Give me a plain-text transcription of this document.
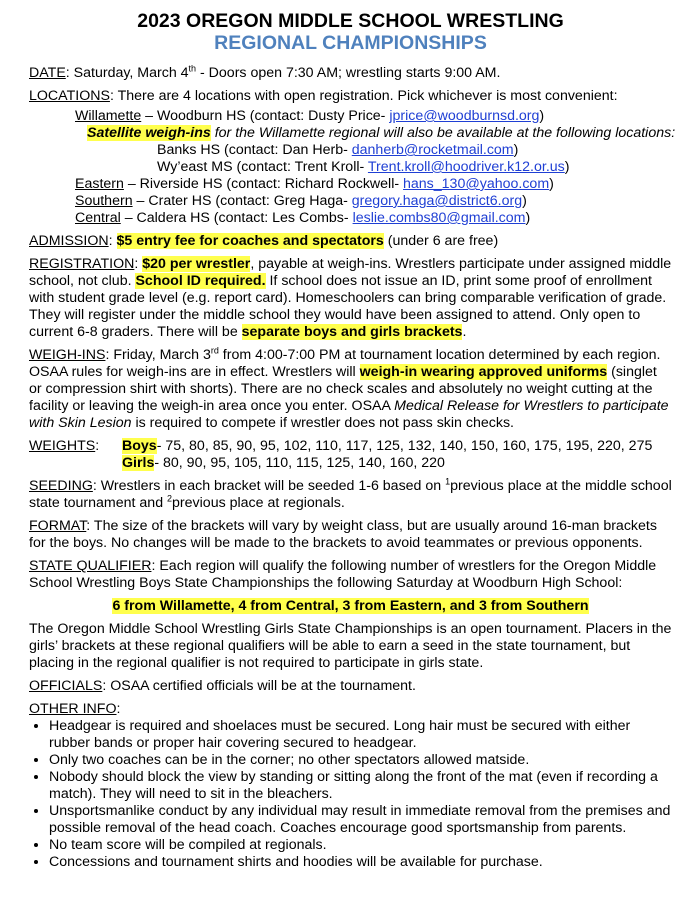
2023 OREGON MIDDLE SCHOOL WRESTLING
REGIONAL CHAMPIONSHIPS

DATE: Saturday, March 4th - Doors open 7:30 AM; wrestling starts 9:00 AM.

LOCATIONS: There are 4 locations with open registration. Pick whichever is most convenient:

Willamette – Woodburn HS (contact: Dusty Price- jprice@woodburnsd.org)
Satellite weigh-ins for the Willamette regional will also be available at the following locations:
Banks HS (contact: Dan Herb- danherb@rocketmail.com)
Wy’east MS (contact: Trent Kroll- Trent.kroll@hoodriver.k12.or.us)
Eastern – Riverside HS (contact: Richard Rockwell- hans_130@yahoo.com)
Southern – Crater HS (contact: Greg Haga- gregory.haga@district6.org)
Central – Caldera HS (contact: Les Combs- leslie.combs80@gmail.com)

ADMISSION: $5 entry fee for coaches and spectators (under 6 are free)

REGISTRATION: $20 per wrestler, payable at weigh-ins. Wrestlers participate under assigned middle school, not club. School ID required. If school does not issue an ID, print some proof of enrollment with student grade level (e.g. report card). Homeschoolers can bring comparable verification of grade. They will register under the middle school they would have been assigned to attend. Only open to current 6-8 graders. There will be separate boys and girls brackets.

WEIGH-INS: Friday, March 3rd from 4:00-7:00 PM at tournament location determined by each region. OSAA rules for weigh-ins are in effect. Wrestlers will weigh-in wearing approved uniforms (singlet or compression shirt with shorts). There are no check scales and absolutely no weight cutting at the facility or leaving the weigh-in area once you enter. OSAA Medical Release for Wrestlers to participate with Skin Lesion is required to compete if wrestler does not pass skin checks.

WEIGHTS:	Boys- 75, 80, 85, 90, 95, 102, 110, 117, 125, 132, 140, 150, 160, 175, 195, 220, 275
Girls- 80, 90, 95, 105, 110, 115, 125, 140, 160, 220

SEEDING: Wrestlers in each bracket will be seeded 1-6 based on $^1$previous place at the middle school state tournament and $^2$previous place at regionals.

FORMAT: The size of the brackets will vary by weight class, but are usually around 16-man brackets for the boys. No changes will be made to the brackets to avoid teammates or previous opponents.

STATE QUALIFIER: Each region will qualify the following number of wrestlers for the Oregon Middle School Wrestling Boys State Championships the following Saturday at Woodburn High School:

6 from Willamette, 4 from Central, 3 from Eastern, and 3 from Southern

The Oregon Middle School Wrestling Girls State Championships is an open tournament. Placers in the girls’ brackets at these regional qualifiers will be able to earn a seed in the state tournament, but placing in the regional qualifier is not required to participate in girls state.

OFFICIALS: OSAA certified officials will be at the tournament.

OTHER INFO:
• Headgear is required and shoelaces must be secured. Long hair must be secured with either rubber bands or proper hair covering secured to headgear.
• Only two coaches can be in the corner; no other spectators allowed matside.
• Nobody should block the view by standing or sitting along the front of the mat (even if recording a match). They will need to sit in the bleachers.
• Unsportsmanlike conduct by any individual may result in immediate removal from the premises and possible removal of the head coach. Coaches encourage good sportsmanship from parents.
• No team score will be compiled at regionals.
• Concessions and tournament shirts and hoodies will be available for purchase.
